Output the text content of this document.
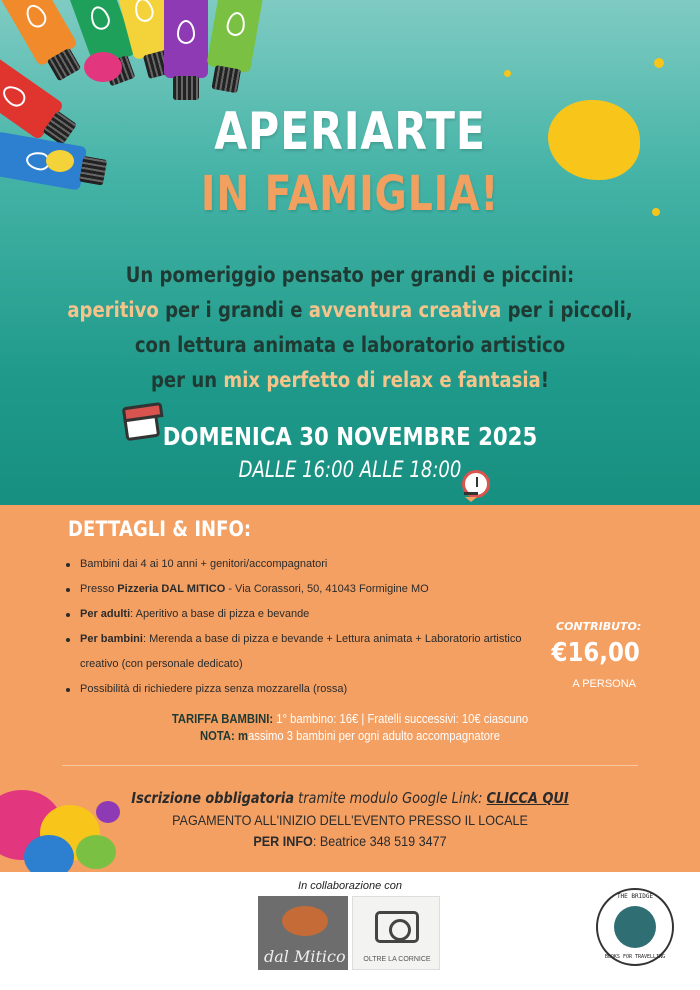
APERIARTE
IN FAMIGLIA!
Un pomeriggio pensato per grandi e piccini:
aperitivo per i grandi e avventura creativa per i piccoli,
con lettura animata e laboratorio artistico
per un mix perfetto di relax e fantasia!
DOMENICA 30 NOVEMBRE 2025
DALLE 16:00 ALLE 18:00
DETTAGLI & INFO:
Bambini dai 4 ai 10 anni + genitori/accompagnatori
Presso Pizzeria DAL MITICO - Via Corassori, 50, 41043 Formigine MO
Per adulti: Aperitivo a base di pizza e bevande
Per bambini: Merenda a base di pizza e bevande + Lettura animata + Laboratorio artistico
creativo (con personale dedicato)
Possibilità di richiedere pizza senza mozzarella (rossa)
CONTRIBUTO:
€16,00
A PERSONA
TARIFFA BAMBINI: 1° bambino: 16€ | Fratelli successivi: 10€ ciascuno
NOTA: massimo 3 bambini per ogni adulto accompagnatore
Iscrizione obbligatoria tramite modulo Google Link: CLICCA QUI
PAGAMENTO ALL'INIZIO DELL'EVENTO PRESSO IL LOCALE
PER INFO: Beatrice 348 519 3477
In collaborazione con
dal Mitico	OLTRE LA CORNICE
THE BRIDGE
BOOKS FOR TRAVELLING
